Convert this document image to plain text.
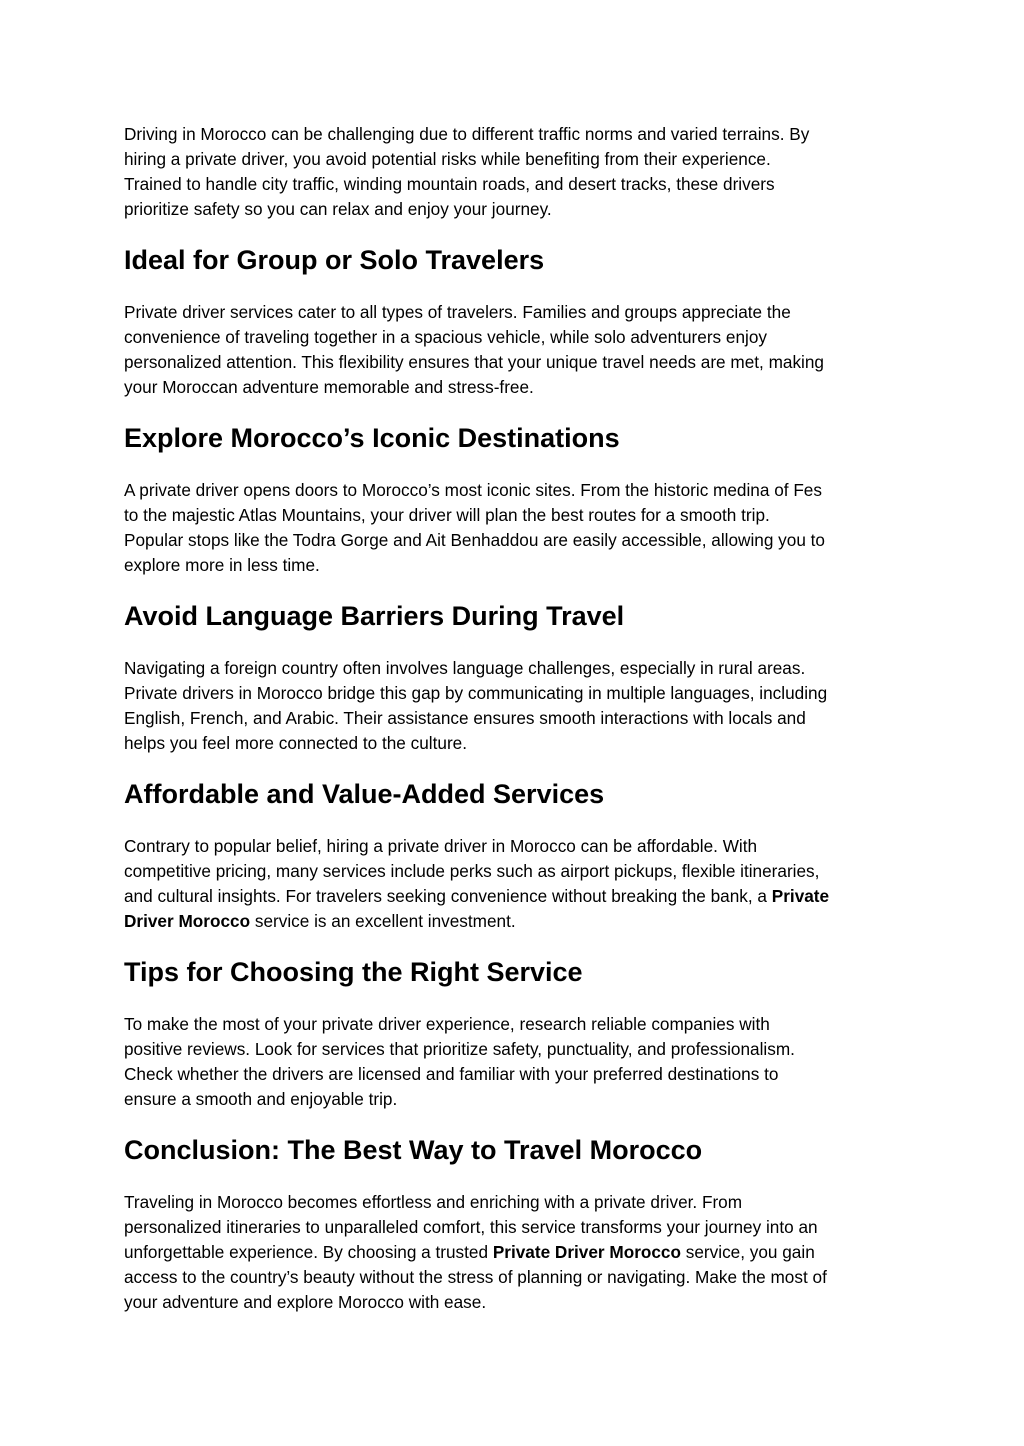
Driving in Morocco can be challenging due to different traffic norms and varied terrains. By
hiring a private driver, you avoid potential risks while benefiting from their experience.
Trained to handle city traffic, winding mountain roads, and desert tracks, these drivers
prioritize safety so you can relax and enjoy your journey.

Ideal for Group or Solo Travelers

Private driver services cater to all types of travelers. Families and groups appreciate the
convenience of traveling together in a spacious vehicle, while solo adventurers enjoy
personalized attention. This flexibility ensures that your unique travel needs are met, making
your Moroccan adventure memorable and stress-free.

Explore Morocco’s Iconic Destinations

A private driver opens doors to Morocco’s most iconic sites. From the historic medina of Fes
to the majestic Atlas Mountains, your driver will plan the best routes for a smooth trip.
Popular stops like the Todra Gorge and Ait Benhaddou are easily accessible, allowing you to
explore more in less time.

Avoid Language Barriers During Travel

Navigating a foreign country often involves language challenges, especially in rural areas.
Private drivers in Morocco bridge this gap by communicating in multiple languages, including
English, French, and Arabic. Their assistance ensures smooth interactions with locals and
helps you feel more connected to the culture.

Affordable and Value-Added Services

Contrary to popular belief, hiring a private driver in Morocco can be affordable. With
competitive pricing, many services include perks such as airport pickups, flexible itineraries,
and cultural insights. For travelers seeking convenience without breaking the bank, a Private
Driver Morocco service is an excellent investment.

Tips for Choosing the Right Service

To make the most of your private driver experience, research reliable companies with
positive reviews. Look for services that prioritize safety, punctuality, and professionalism.
Check whether the drivers are licensed and familiar with your preferred destinations to
ensure a smooth and enjoyable trip.

Conclusion: The Best Way to Travel Morocco

Traveling in Morocco becomes effortless and enriching with a private driver. From
personalized itineraries to unparalleled comfort, this service transforms your journey into an
unforgettable experience. By choosing a trusted Private Driver Morocco service, you gain
access to the country’s beauty without the stress of planning or navigating. Make the most of
your adventure and explore Morocco with ease.
